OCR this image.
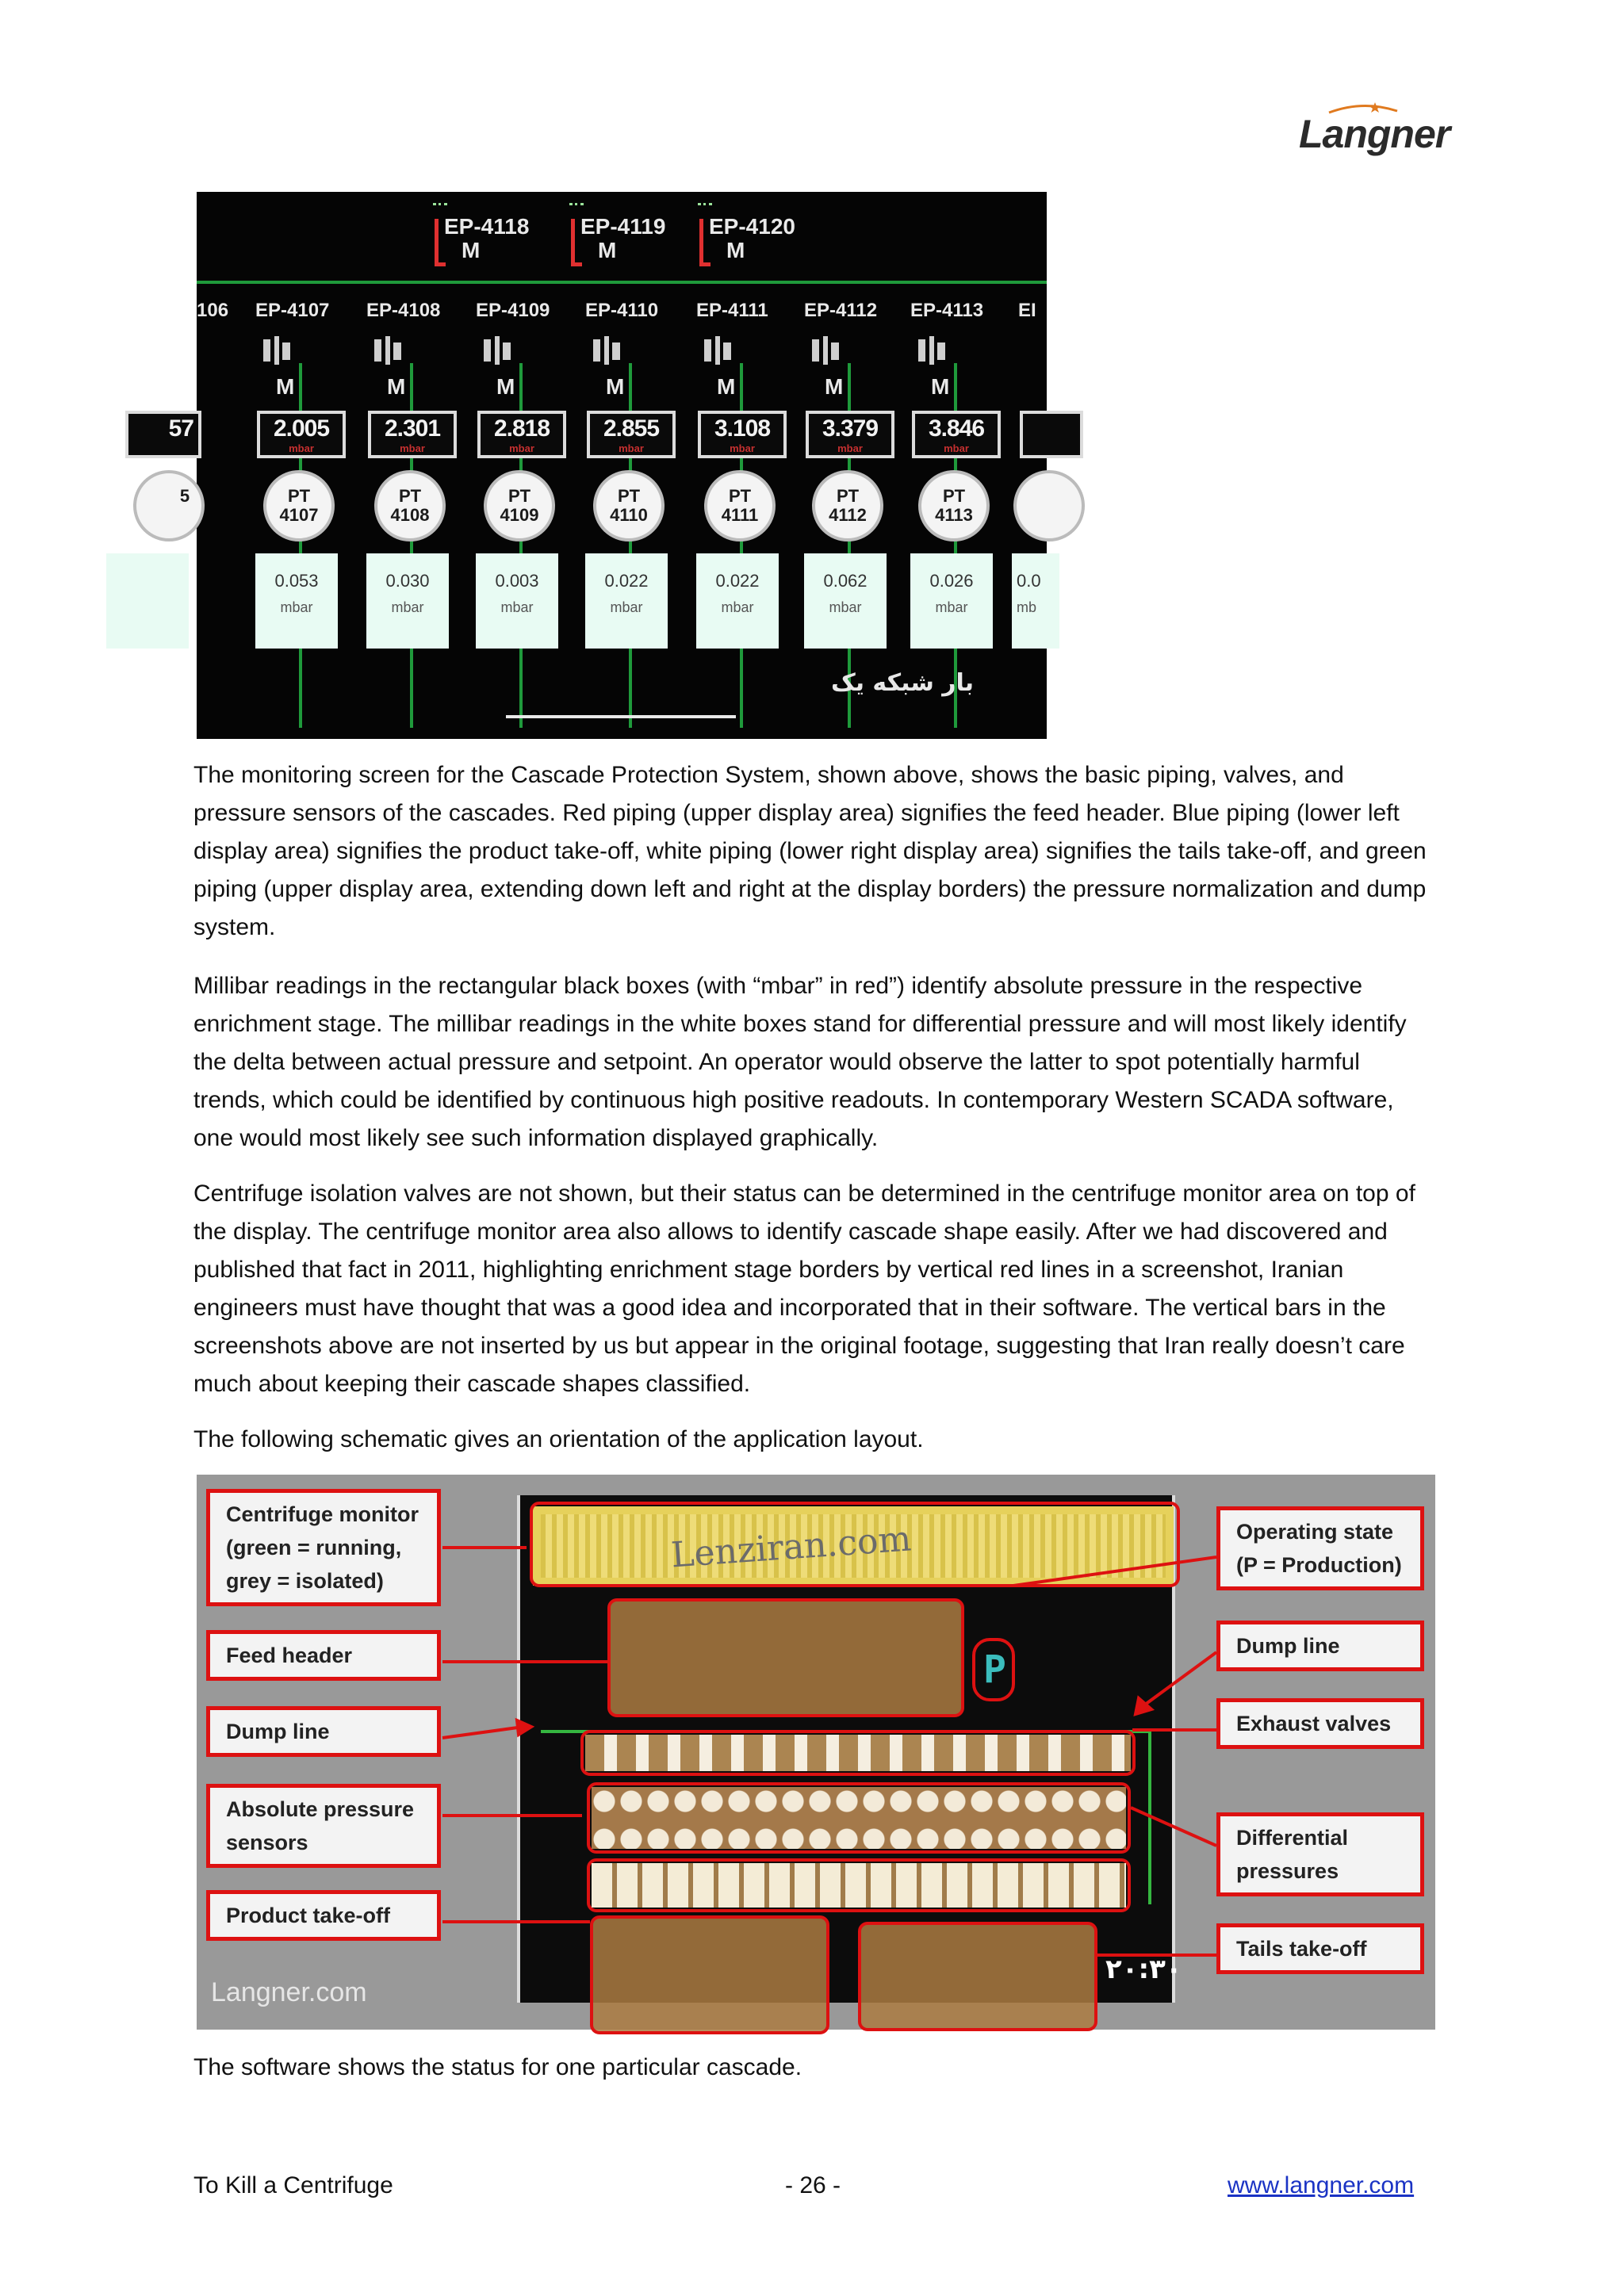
Langner
EP-4118
M
EP-4119
M
EP-4120
M
106
57
5
EP-4107
M
2.005
mbar
PT
4107
0.053
mbar
EP-4108
M
2.301
mbar
PT
4108
0.030
mbar
EP-4109
M
2.818
mbar
PT
4109
0.003
mbar
EP-4110
M
2.855
mbar
PT
4110
0.022
mbar
EP-4111
M
3.108
mbar
PT
4111
0.022
mbar
EP-4112
M
3.379
mbar
PT
4112
0.062
mbar
EP-4113
M
3.846
mbar
PT
4113
0.026
mbar
EI
0.0
mb
بار شبکه یک

The monitoring screen for the Cascade Protection System, shown above, shows the basic piping, valves, and pressure sensors of the cascades. Red piping (upper display area) signifies the feed header. Blue piping (lower left display area) signifies the product take-off, white piping (lower right display area) signifies the tails take-off, and green piping (upper display area, extending down left and right at the display borders) the pressure normalization and dump system.

Millibar readings in the rectangular black boxes (with “mbar” in red”) identify absolute pressure in the respective enrichment stage. The millibar readings in the white boxes stand for differential pressure and will most likely identify the delta between actual pressure and setpoint. An operator would observe the latter to spot potentially harmful trends, which could be identified by continuous high positive readouts. In contemporary Western SCADA software, one would most likely see such information displayed graphically.

Centrifuge isolation valves are not shown, but their status can be determined in the centrifuge monitor area on top of the display. The centrifuge monitor area also allows to identify cascade shape easily. After we had discovered and published that fact in 2011, highlighting enrichment stage borders by vertical red lines in a screenshot, Iranian engineers must have thought that was a good idea and incorporated that in their software. The vertical bars in the screenshots above are not inserted by us but appear in the original footage, suggesting that Iran really doesn’t care much about keeping their cascade shapes classified.

The following schematic gives an orientation of the application layout.

Lenziran.com
P
۲۰:۳۰
Centrifuge monitor
(green = running,
grey = isolated)
Feed header
Dump line
Absolute pressure
sensors
Product take-off
Operating state
(P = Production)
Dump line
Exhaust valves
Differential
pressures
Tails take-off
Langner.com

The software shows the status for one particular cascade.

To Kill a Centrifuge	- 26 -	www.langner.com
